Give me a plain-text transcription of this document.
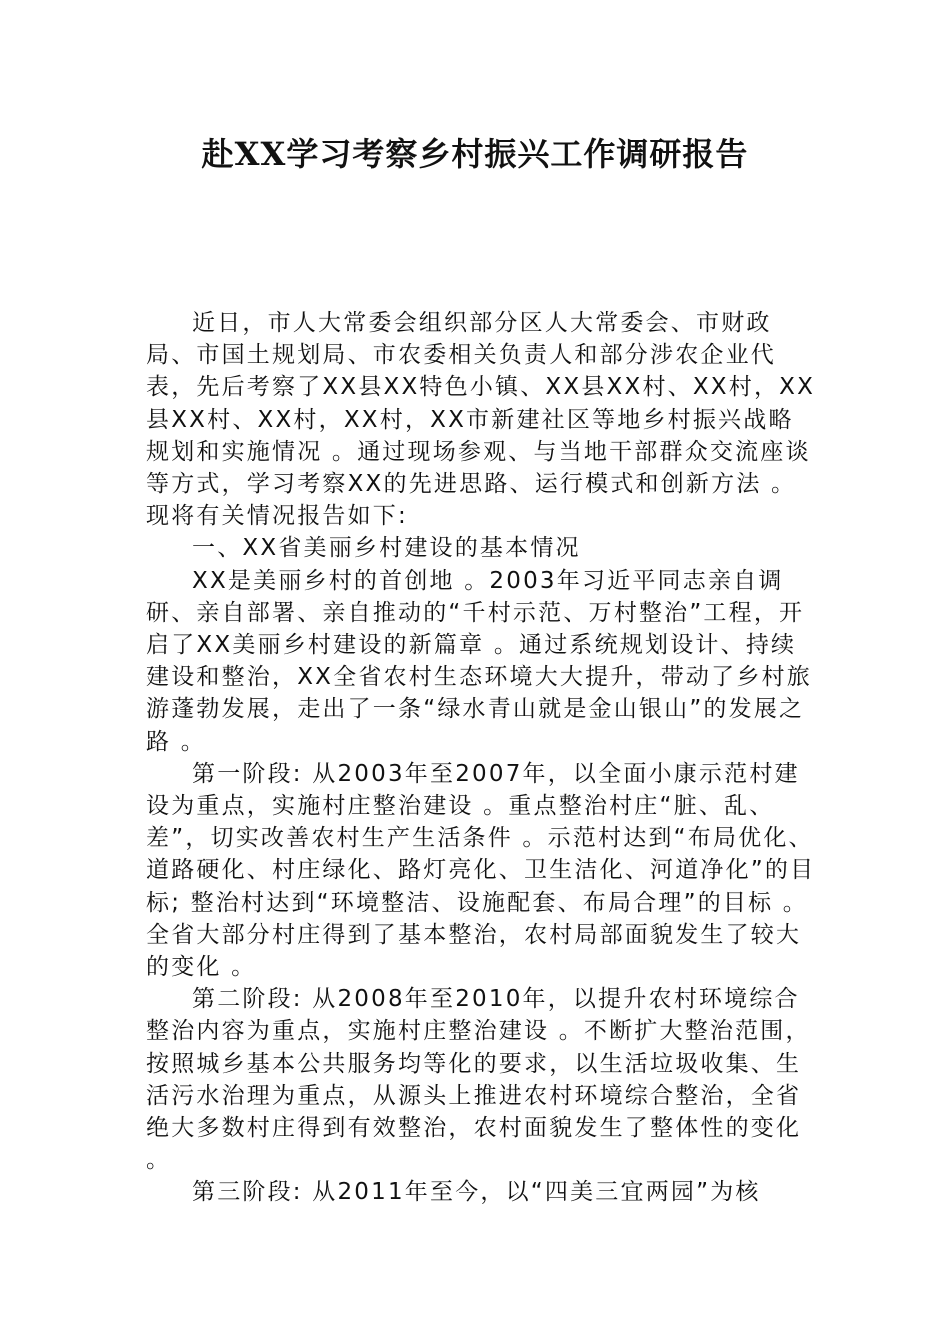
赴XX学习考察乡村振兴工作调研报告

近日，市人大常委会组织部分区人大常委会、市财政局、市国土规划局、市农委相关负责人和部分涉农企业代表，先后考察了XX县XX特色小镇、XX县XX村、XX村，XX县XX村、XX村，XX村，XX市新建社区等地乡村振兴战略规划和实施情况 。通过现场参观、与当地干部群众交流座谈等方式，学习考察XX的先进思路、运行模式和创新方法 。现将有关情况报告如下:

一、XX省美丽乡村建设的基本情况

XX是美丽乡村的首创地 。2003年习近平同志亲自调研、亲自部署、亲自推动的“千村示范、万村整治”工程，开启了XX美丽乡村建设的新篇章 。通过系统规划设计、持续建设和整治，XX全省农村生态环境大大提升，带动了乡村旅游蓬勃发展，走出了一条“绿水青山就是金山银山”的发展之路 。

第一阶段: 从2003年至2007年，以全面小康示范村建设为重点，实施村庄整治建设 。重点整治村庄“脏、乱、差”，切实改善农村生产生活条件 。示范村达到“布局优化、道路硬化、村庄绿化、路灯亮化、卫生洁化、河道净化”的目标; 整治村达到“环境整洁、设施配套、布局合理”的目标 。全省大部分村庄得到了基本整治，农村局部面貌发生了较大的变化 。

第二阶段: 从2008年至2010年，以提升农村环境综合整治内容为重点，实施村庄整治建设 。不断扩大整治范围，按照城乡基本公共服务均等化的要求，以生活垃圾收集、生活污水治理为重点，从源头上推进农村环境综合整治，全省绝大多数村庄得到有效整治，农村面貌发生了整体性的变化 。

第三阶段: 从2011年至今，以“四美三宜两园”为核
